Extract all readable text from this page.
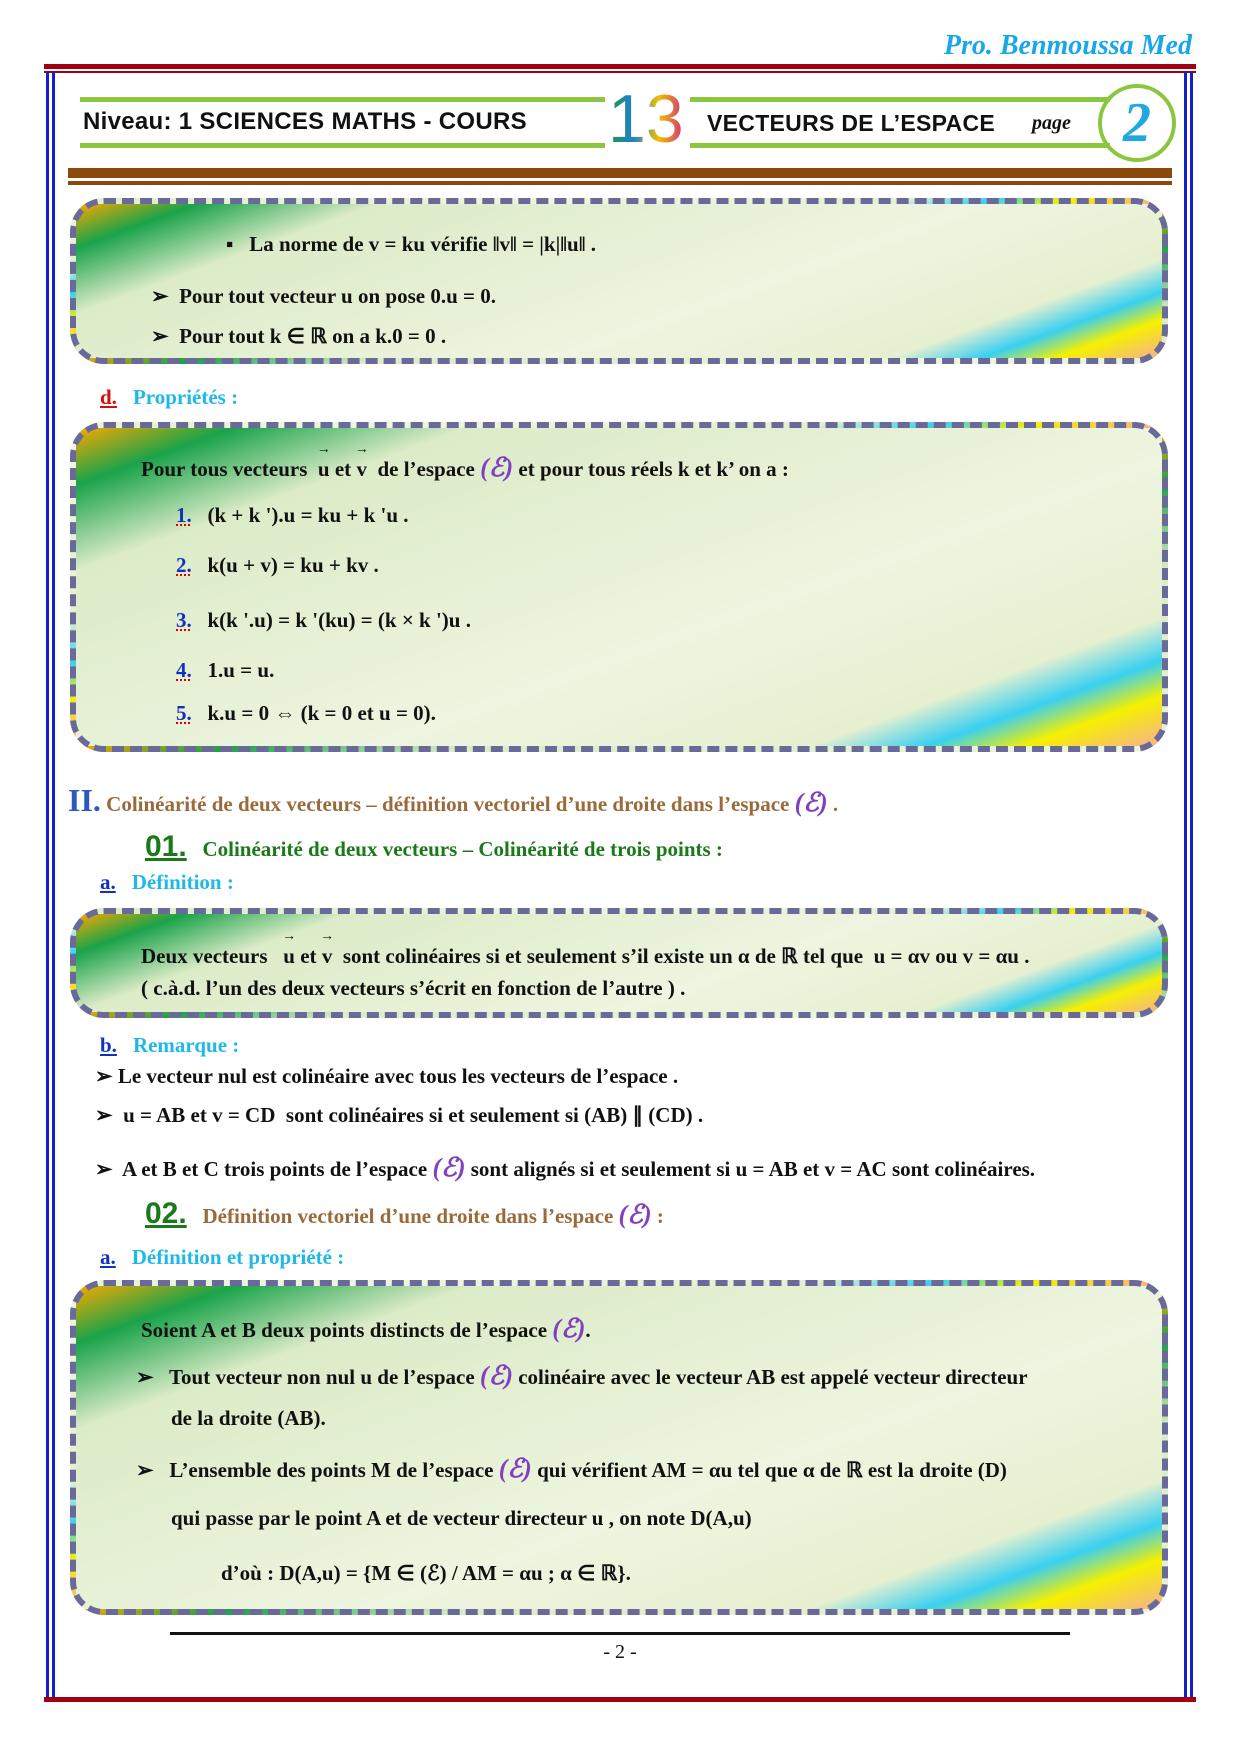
Pro. Benmoussa Med
Niveau: 1 SCIENCES MATHS - COURS 13 VECTEURS DE L’ESPACE page 2
▪   La norme de v = ku vérifie ‖v‖ = |k|‖u‖ .
➢  Pour tout vecteur u on pose 0.u = 0.
➢  Pour tout k ∈ ℝ on a k.0 = 0 .
d. Propriétés :
Pour tous vecteurs → u et → v de l’espace (ℰ) et pour tous réels k et k’ on a :
1. (k + k ').u = ku + k 'u .
2. k(u + v) = ku + kv .
3. k(k '.u) = k '(ku) = (k × k ')u .
4. 1.u = u.
5. k.u = 0 ⇔ (k = 0 et u = 0).
II. Colinéarité de deux vecteurs – définition vectoriel d’une droite dans l’espace (ℰ) .
01. Colinéarité de deux vecteurs – Colinéarité de trois points :
a. Définition :
Deux vecteurs → u et → v sont colinéaires si et seulement s’il existe un α de ℝ tel que u = αv ou v = αu .
( c.à.d. l’un des deux vecteurs s’écrit en fonction de l’autre ) .
b. Remarque :
➢ Le vecteur nul est colinéaire avec tous les vecteurs de l’espace .
➢  u = AB et v = CD sont colinéaires si et seulement si (AB) ∥ (CD) .
➢  A et B et C trois points de l’espace (ℰ) sont alignés si et seulement si u = AB et v = AC sont colinéaires.
02. Définition vectoriel d’une droite dans l’espace (ℰ) :
a. Définition et propriété :
Soient A et B deux points distincts de l’espace (ℰ).
➢   Tout vecteur non nul u de l’espace (ℰ) colinéaire avec le vecteur AB est appelé vecteur directeur
de la droite (AB).
➢   L’ensemble des points M de l’espace (ℰ) qui vérifient AM = αu tel que α de ℝ est la droite (D)
qui passe par le point A et de vecteur directeur u , on note D(A,u)
d’où : D(A,u) = {M ∈ (ℰ) / AM = αu ; α ∈ ℝ}.
- 2 -
